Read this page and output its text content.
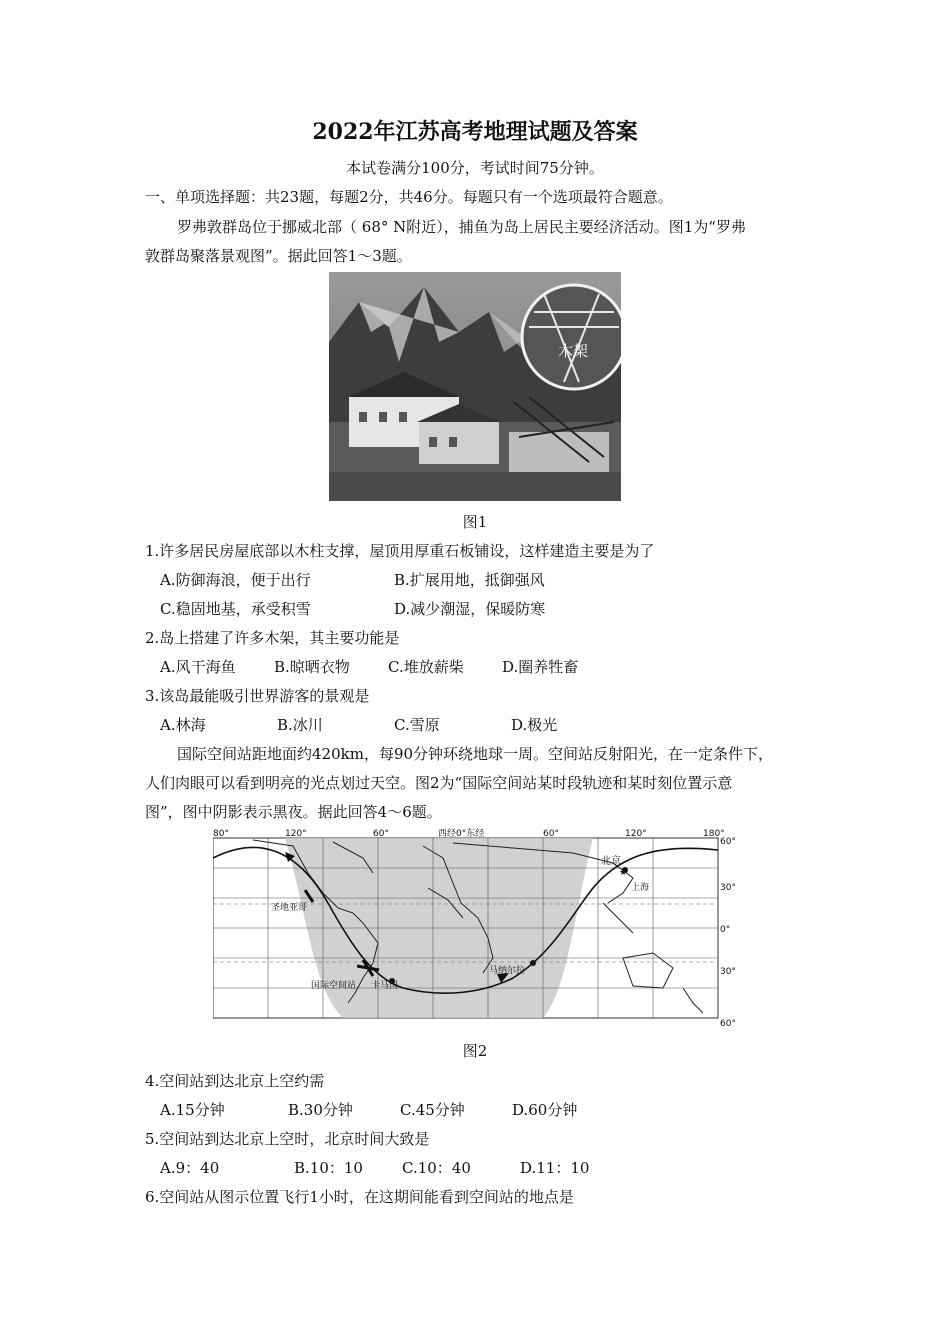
2022年江苏高考地理试题及答案
本试卷满分100分，考试时间75分钟。
一、单项选择题：共23题，每题2分，共46分。每题只有一个选项最符合题意。
罗弗敦群岛位于挪威北部（ 68° N附近），捕鱼为岛上居民主要经济活动。图1为“罗弗
敦群岛聚落景观图”。据此回答1～3题。
木架
图1
1.许多居民房屋底部以木柱支撑，屋顶用厚重石板铺设，这样建造主要是为了
A.防御海浪，便于出行	B.扩展用地，抵御强风
C.稳固地基，承受积雪	D.减少潮湿，保暖防寒
2.岛上搭建了许多木架，其主要功能是
A.风干海鱼	B.晾晒衣物	C.堆放薪柴	D.圈养牲畜
3.该岛最能吸引世界游客的景观是
A.林海	B.冰川	C.雪原	D.极光
国际空间站距地面约420km，每90分钟环绕地球一周。空间站反射阳光，在一定条件下，
人们肉眼可以看到明亮的光点划过天空。图2为“国际空间站某时段轨迹和某时刻位置示意
图”，图中阴影表示黑夜。据此回答4～6题。
★
80°	120°	60°	西经0°东经	60°	120°	180°
60°
30°
0°
30°
60°
北京
上海
圣地亚哥
国际空间站 卡马国
马纳尔拉
图2
4.空间站到达北京上空约需
A.15分钟	B.30分钟	C.45分钟	D.60分钟
5.空间站到达北京上空时，北京时间大致是
A.9：40	B.10：10	C.10：40	D.11：10
6.空间站从图示位置飞行1小时，在这期间能看到空间站的地点是
